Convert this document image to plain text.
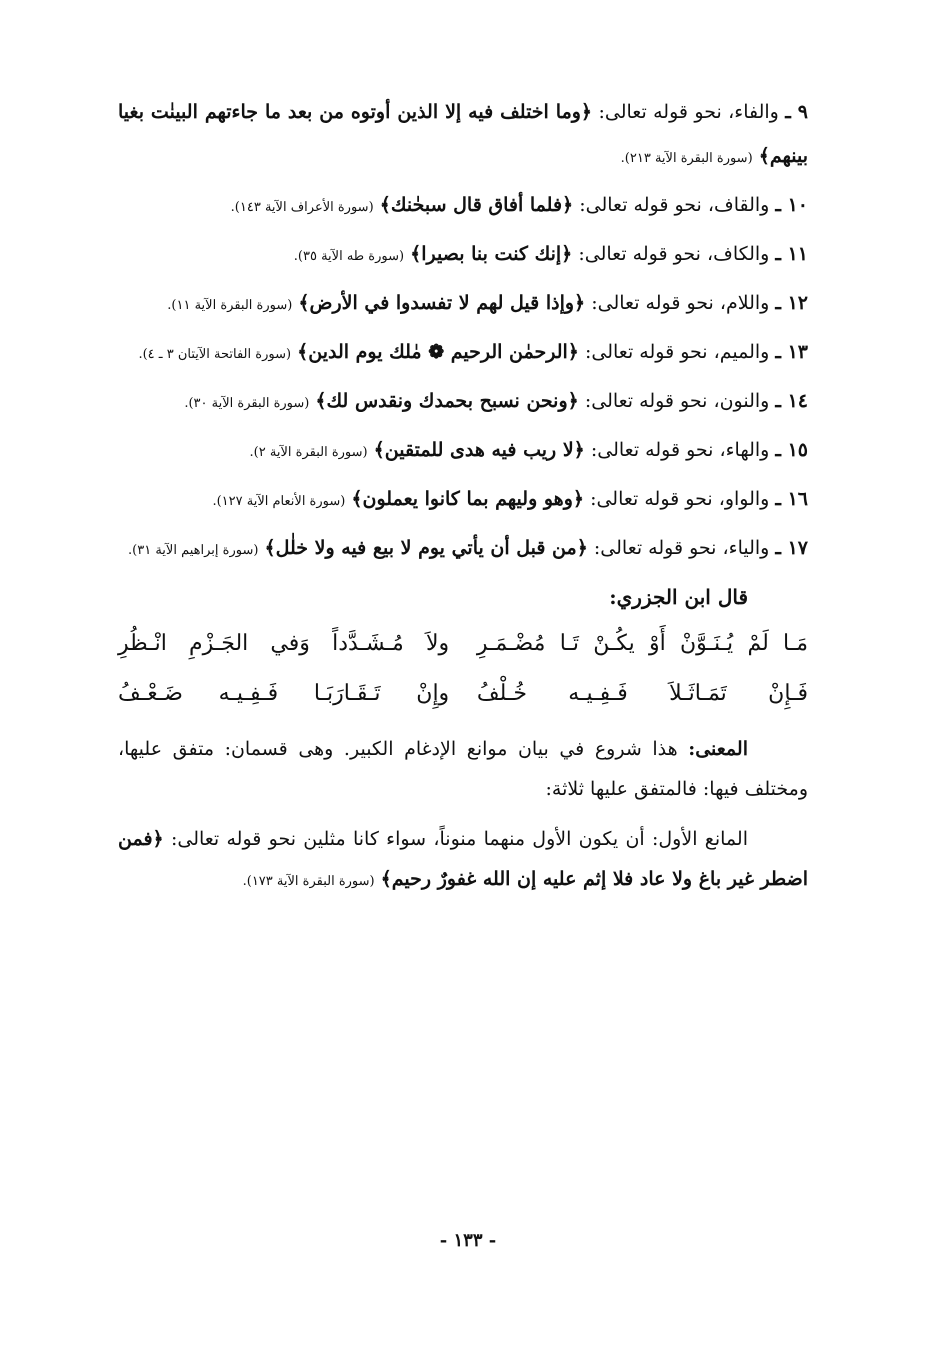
٩ ـ والفاء، نحو قوله تعالى: ﴿وما اختلف فيه إلا الذين أوتوه من بعد ما جاءتهم البينٰت بغيا بينهم﴾ (سورة البقرة الآية ٢١٣).
١٠ ـ والقاف، نحو قوله تعالى: ﴿فلما أفاق قال سبحٰنك﴾ (سورة الأعراف الآية ١٤٣).
١١ ـ والكاف، نحو قوله تعالى: ﴿إنك كنت بنا بصيرا﴾ (سورة طه الآية ٣٥).
١٢ ـ واللام، نحو قوله تعالى: ﴿وإذا قيل لهم لا تفسدوا في الأرض﴾ (سورة البقرة الآية ١١).
١٣ ـ والميم، نحو قوله تعالى: ﴿الرحمٰن الرحيم ❁ مٰلك يوم الدين﴾ (سورة الفاتحة الآيتان ٣ ـ ٤).
١٤ ـ والنون، نحو قوله تعالى: ﴿ونحن نسبح بحمدك ونقدس لك﴾ (سورة البقرة الآية ٣٠).
١٥ ـ والهاء، نحو قوله تعالى: ﴿لا ريب فيه هدى للمتقين﴾ (سورة البقرة الآية ٢).
١٦ ـ والواو، نحو قوله تعالى: ﴿وهو وليهم بما كانوا يعملون﴾ (سورة الأنعام الآية ١٢٧).
١٧ ـ والياء، نحو قوله تعالى: ﴿من قبل أن يأتي يوم لا بيع فيه ولا خلٰل﴾ (سورة إبراهيم الآية ٣١).
قال ابن الجزري:
مَـا لَمْ يُـنَـوَّنْ أَوْ يكُـنْ تَـا مُضْـمَـرِ
ولاَ مُـشَـدَّداً وَفي الجَـزْمِ انْـظُرِ
فَـإِنْ تَمَـاثَـلاَ فَـفِـيـه خُـلْفُ
وإِنْ تَـقَـارَبَـا فَـفِـيـه ضَـعْـفُ
المعنى: هذا شروع في بيان موانع الإدغام الكبير. وهى قسمان: متفق عليها، ومختلف فيها: فالمتفق عليها ثلاثة:
المانع الأول: أن يكون الأول منهما منوناً، سواء كانا مثلين نحو قوله تعالى: ﴿فمن اضطر غير باغ ولا عاد فلا إثم عليه إن الله غفورٌ رحيم﴾ (سورة البقرة الآية ١٧٣).
- ١٣٣ -
